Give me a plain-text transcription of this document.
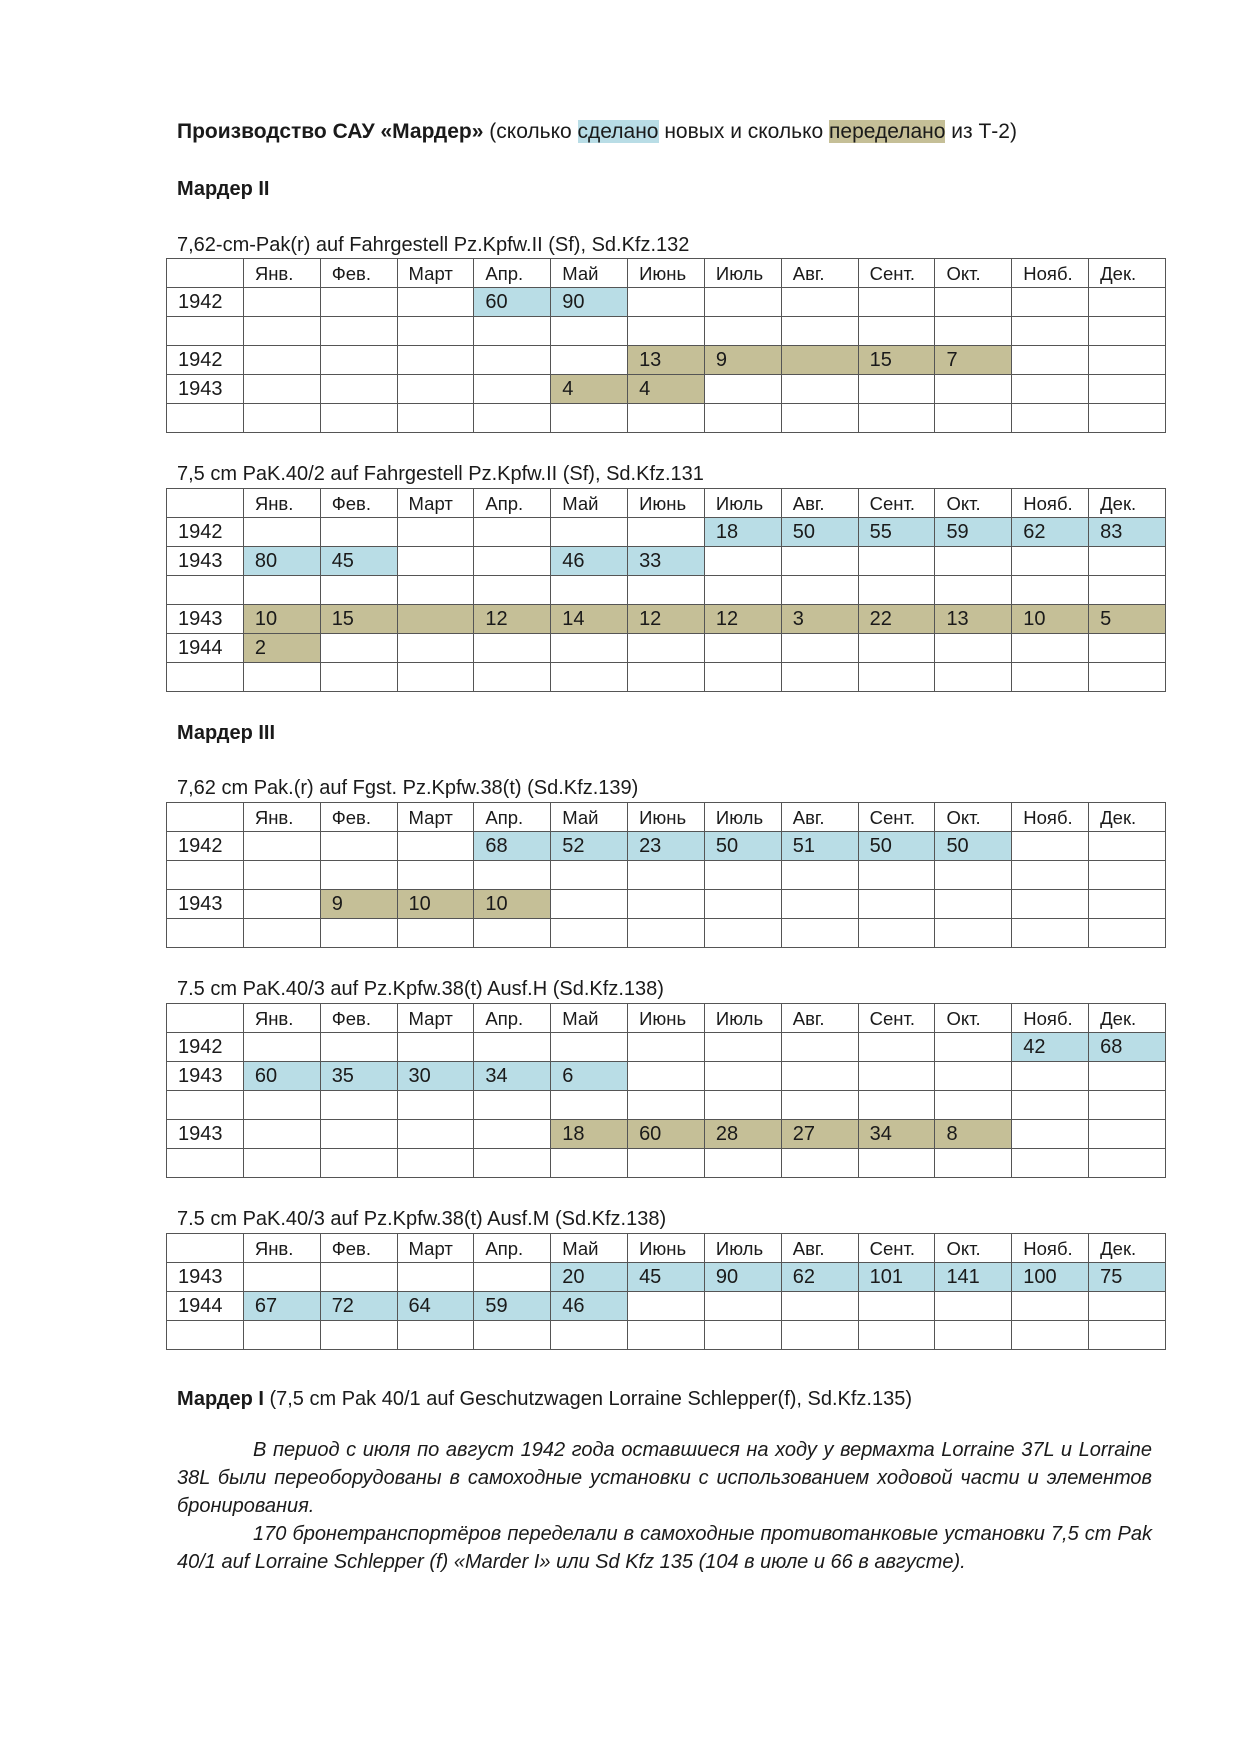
Производство САУ «Мардер» (сколько сделано новых и сколько переделано из Т-2)
Мардер II
7,62-cm-Pak(r) auf Fahrgestell Pz.Kpfw.II (Sf), Sd.Kfz.132
	Янв.	Фев.	Март	Апр.	Май	Июнь	Июль	Авг.	Сент.	Окт.	Нояб.	Дек.
1942				60	90							

1942						13	9		15	7		
1943					4	4						

7,5 cm PaK.40/2 auf Fahrgestell Pz.Kpfw.II (Sf), Sd.Kfz.131
	Янв.	Фев.	Март	Апр.	Май	Июнь	Июль	Авг.	Сент.	Окт.	Нояб.	Дек.
1942							18	50	55	59	62	83
1943	80	45			46	33						

1943	10	15		12	14	12	12	3	22	13	10	5
1944	2											

Мардер III
7,62 cm Pak.(r) auf Fgst. Pz.Kpfw.38(t) (Sd.Kfz.139)
	Янв.	Фев.	Март	Апр.	Май	Июнь	Июль	Авг.	Сент.	Окт.	Нояб.	Дек.
1942				68	52	23	50	51	50	50		

1943		9	10	10								

7.5 cm PaK.40/3 auf Pz.Kpfw.38(t) Ausf.H (Sd.Kfz.138)
	Янв.	Фев.	Март	Апр.	Май	Июнь	Июль	Авг.	Сент.	Окт.	Нояб.	Дек.
1942											42	68
1943	60	35	30	34	6							

1943					18	60	28	27	34	8		

7.5 cm PaK.40/3 auf Pz.Kpfw.38(t) Ausf.M (Sd.Kfz.138)
	Янв.	Фев.	Март	Апр.	Май	Июнь	Июль	Авг.	Сент.	Окт.	Нояб.	Дек.
1943					20	45	90	62	101	141	100	75
1944	67	72	64	59	46							

Мардер I (7,5 cm Pak 40/1 auf Geschutzwagen Lorraine Schlepper(f), Sd.Kfz.135)
В период с июля по август 1942 года оставшиеся на ходу у вермахта Lorraine 37L и Lorraine 38L были переоборудованы в самоходные установки с использованием ходовой части и элементов бронирования.
170 бронетранспортёров переделали в самоходные противотанковые установки 7,5 cm Pak 40/1 auf Lorraine Schlepper (f) «Marder I» или Sd Kfz 135 (104 в июле и 66 в августе).
